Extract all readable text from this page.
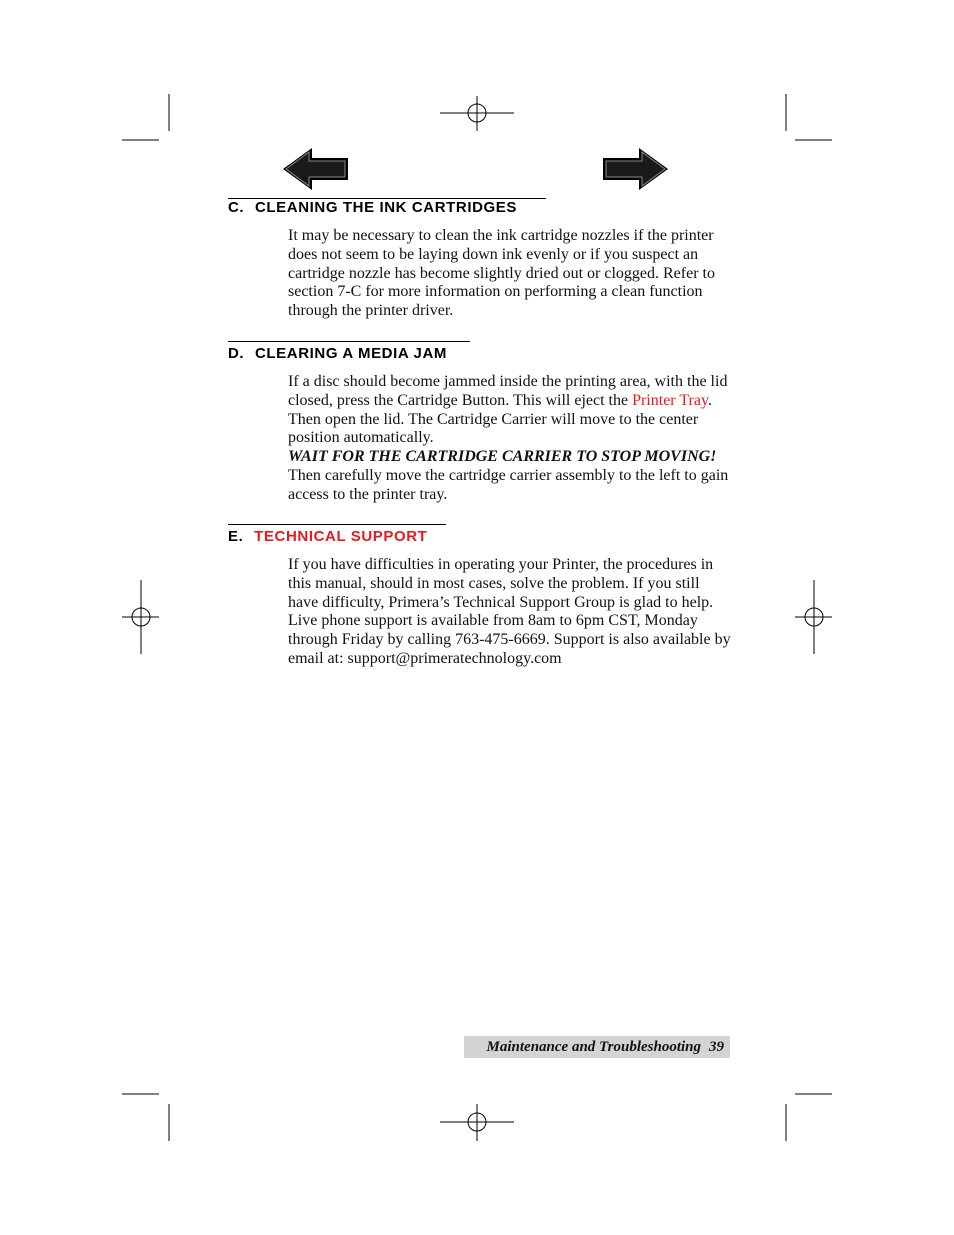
C. CLEANING THE INK CARTRIDGES

It may be necessary to clean the ink cartridge nozzles if the printer does not seem to be laying down ink evenly or if you suspect an cartridge nozzle has become slightly dried out or clogged. Refer to section 7-C for more information on performing a clean function through the printer driver.

D. CLEARING A MEDIA JAM

If a disc should become jammed inside the printing area, with the lid closed, press the Cartridge Button. This will eject the Printer Tray. Then open the lid. The Cartridge Carrier will move to the center position automatically.

WAIT FOR THE CARTRIDGE CARRIER TO STOP MOVING!

Then carefully move the cartridge carrier assembly to the left to gain access to the printer tray.

E. TECHNICAL SUPPORT

If you have difficulties in operating your Printer, the procedures in this manual, should in most cases, solve the problem. If you still have difficulty, Primera’s Technical Support Group is glad to help. Live phone support is available from 8am to 6pm CST, Monday through Friday by calling 763-475-6669. Support is also available by email at: support@primeratechnology.com

Maintenance and Troubleshooting 39
